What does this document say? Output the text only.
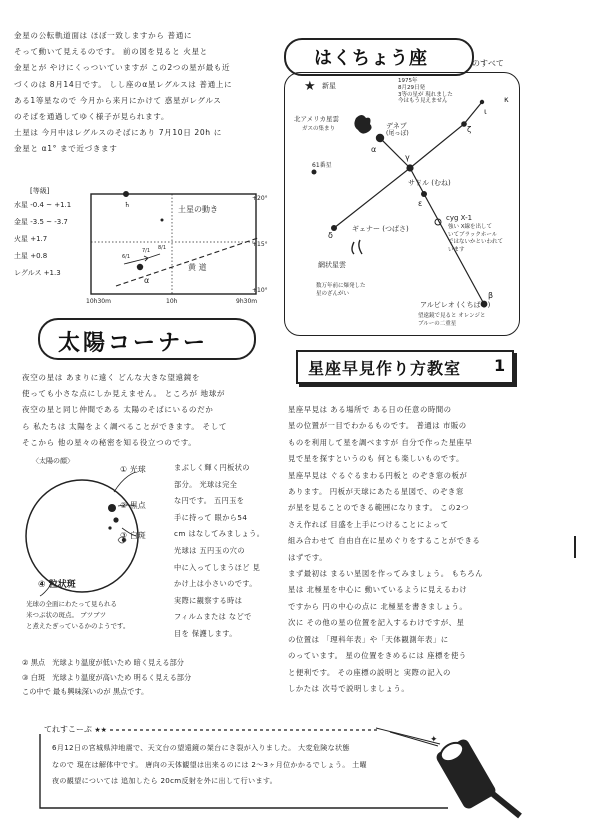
金星の公転軌道面は ほぼ一致しますから 普通に
そって動いて見えるのです。 前の図を見ると 火星と
金星とが やけにくっついていますが この2つの星が最も近
づくのは 8月14日です。 しし座のα星レグルスは 普通上に
ある1等星なので 今月から来月にかけて 惑星がレグルス
のそばを通過してゆく様子が見られます。
土星は 今月中はレグルスのそばにあり 7月10日 20h に
金星と α1° まで近づきます
[等級]
水星 -0.4 ~ +1.1
金星 -3.5 ~ -3.7
火星 +1.7
土星 +0.8
レグルス +1.3
♄	土星の動き
黄 道
α
6/1
7/1 8/1
10h30m	10h	9h30m
+20°
+15°
+10°
太陽コーナー
夜空の星は あまりに遠く どんな大きな望遠鏡を
使っても小さな点にしか見えません。 ところが 地球が
夜空の星と同じ仲間である 太陽のそばにいるのだか
ら 私たちは 太陽をよく調べることができます。 そして
そこから 他の星々の秘密を知る役立つのです。
〈太陽の顔〉
① 光球
② 黒点
③ 白斑
④ 粒状斑
光球の全面にわたって見られる
米つぶ状の斑点。 ブツブツ
と煮えたぎっているかのようです。
まぶしく輝く円板状の
部分。 光球は完全
な円です。 五円玉を
手に持って 眼から54
cm はなしてみましょう。
光球は 五円玉の穴の
中に入ってしまうほど 見
かけ上は小さいのです。
実際に観察する時は
フィルムまたは などで
目を 保護します。
② 黒点　光球より温度が低いため 暗く見える部分
③ 白斑　光球より温度が高いため 明るく見える部分
この中で 最も興味深いのが 黒点です。
はくちょう座	のすべて
★ 新星
α
γ
ζ
ι
κ
δ
ε
β
1975年
8月29日発
3等の星が 現れました
今はもう見えません
北アメリカ星雲
ガスの集まり	デネブ
(尾っぽ)
61番星
サドル (むね)
ギェナー (つばさ)
cyg X-1
強い X線を出して
いてブラックホール
ではないかといわれて
います
網状星雲
数万年前に爆発した
星のざんがい
アルビレオ (くちばし)
望遠鏡で見ると オレンジと
ブルーの二重星
星座早見作り方教室 1
星座早見は ある場所で ある日の任意の時間の
星の位置が一目でわかるものです。 普通は 市販の
ものを利用して星を調べますが 自分で作った星座早
見で星を探すというのも 何とも楽しいものです。
星座早見は ぐるぐるまわる円板と のぞき窓の板が
あります。 円板が天球にあたる星図で、のぞき窓
が星を見ることのできる範囲になります。 この2つ
さえ作れば 目盛を上手につけることによって
組み合わせて 自由自在に星めぐりをすることができる
はずです。
まず最初は まるい星図を作ってみましょう。 もちろん
星は 北極星を中心に 動いているように見えるわけ
ですから 円の中心の点に 北極星を書きましょう。
次に その他の星の位置を記入するわけですが、星
の位置は 「理科年表」や「天体観測年表」に
のっています。 星の位置をきめるには 座標を使う
と便利です。 その座標の説明と 実際の記入の
しかたは 次号で説明しましょう。
てれすこーぷ ★★
✦
6月12日の宮城県沖地震で、天文台の望遠鏡の架台にき裂が入りました。 大変危険な状態
なので 現在は解体中です。 唐向の天体観望は出来るのには 2～3ヶ月位かかるでしょう。 土曜
夜の観望については 追加したら 20cm反射を外に出して行います。
